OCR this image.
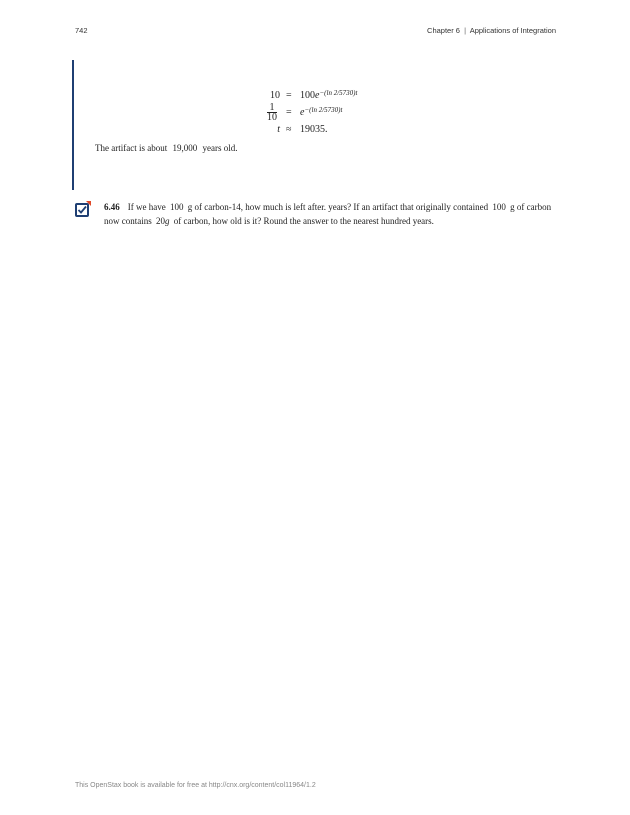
742	Chapter 6 | Applications of Integration
$10 = 100e^{-(ln 2/5730)t}$
$\frac{1}{10} = e^{-(ln 2/5730)t}$
t ≈ 19035.
The artifact is about 19,000 years old.
6.46 If we have 100 g of carbon-14, how much is left after. years? If an artifact that originally contained 100 g of carbon now contains 20g of carbon, how old is it? Round the answer to the nearest hundred years.
This OpenStax book is available for free at http://cnx.org/content/col11964/1.2
